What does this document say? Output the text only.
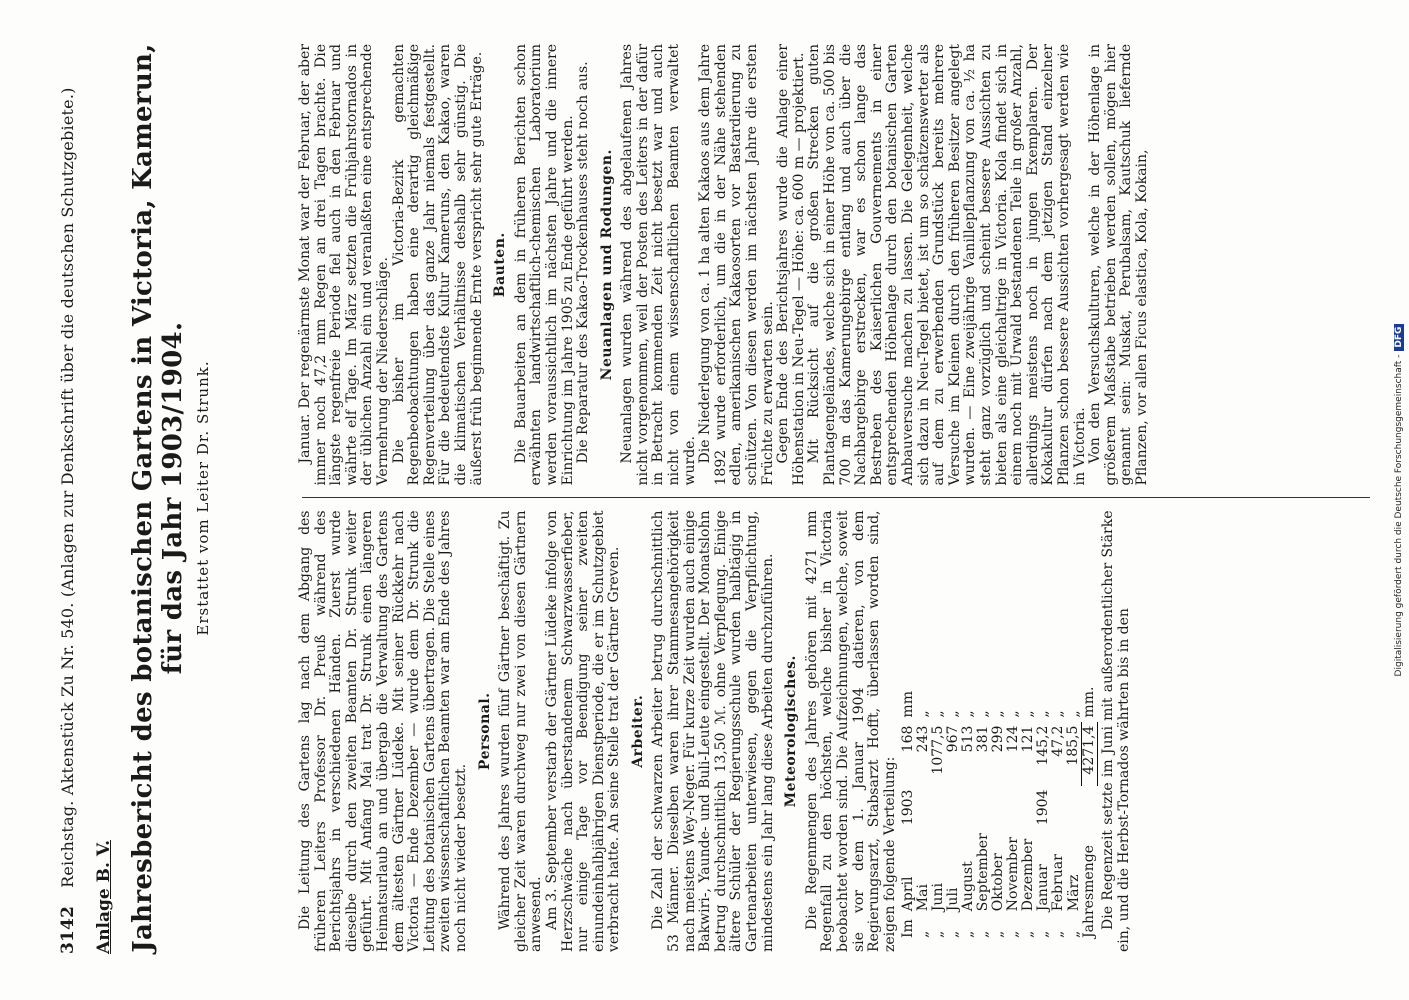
3142
Reichstag. Aktenstück Zu Nr. 540. (Anlagen zur Denkschrift über die deutschen Schutzgebiete.)
Anlage B. V. Jahresbericht des botanischen Gartens in Victoria, Kamerun, für das Jahr 1903/1904. Erstattet vom Leiter Dr. Strunk.

Die Leitung des Gartens lag nach dem Abgang des früheren Leiters Professor Dr. Preuß während des Berichtsjahrs in verschiedenen Händen. Zuerst wurde dieselbe durch den zweiten Beamten Dr. Strunk weiter geführt. Mit Anfang Mai trat Dr. Strunk einen längeren Heimatsurlaub an und übergab die Verwaltung des Gartens dem ältesten Gärtner Lüdeke. Mit seiner Rückkehr nach Victoria — Ende Dezember — wurde dem Dr. Strunk die Leitung des botanischen Gartens übertragen. Die Stelle eines zweiten wissenschaftlichen Beamten war am Ende des Jahres noch nicht wieder besetzt.

Personal. Während des Jahres wurden fünf Gärtner beschäftigt. Zu gleicher Zeit waren durchweg nur zwei von diesen Gärtnern anwesend. Am 3. September verstarb der Gärtner Lüdeke infolge von Herzschwäche nach überstandenem Schwarzwasserfieber, nur einige Tage vor Beendigung seiner zweiten einundeinhalbjährigen Dienstperiode, die er im Schutzgebiet verbracht hatte. An seine Stelle trat der Gärtner Greven. Arbeiter. Die Zahl der schwarzen Arbeiter betrug durchschnittlich 53 Männer. Dieselben waren ihrer Stammesangehörigkeit nach meistens Wey-Neger. Für kurze Zeit wurden auch einige Bakwiri-, Yaunde- und Buli-Leute eingestellt. Der Monatslohn betrug durchschnittlich 13,50 ℳ. ohne Verpflegung. Einige ältere Schüler der Regierungsschule wurden halbtägig in Gartenarbeiten unterwiesen, gegen die Verpflichtung, mindestens ein Jahr lang diese Arbeiten durchzuführen. Meteorologisches. Die Regenmengen des Jahres gehören mit 4271 mm Regenfall zu den höchsten, welche bisher in Victoria beobachtet worden sind. Die Aufzeichnungen, welche, soweit sie vor dem 1. Januar 1904 datieren, von dem Regierungsarzt, Stabsarzt Hofft, überlassen worden sind, zeigen folgende Verteilung: Im	April	1903	168	mm
„	Mai		243	„
„	Juni		1077,5	„
„	Juli		967	„
„	August		513	„
„	September		381	„
„	Oktober		299	„
„	November		124	„
„	Dezember		121	„
„	Januar	1904	145,2	„
„	Februar		47,2	„
„	März		185,5	„
Jahresmenge			4271,4	mm. Die Regenzeit setzte im Juni mit außerordentlicher Stärke ein, und die Herbst-Tornados währten bis in den

Januar. Der regenärmste Monat war der Februar, der aber immer noch 47,2 mm Regen an drei Tagen brachte. Die längste regenfreie Periode fiel auch in den Februar und währte elf Tage. Im März setzten die Frühjahrstornados in der üblichen Anzahl ein und veranlaßten eine entsprechende Vermehrung der Niederschläge. Die bisher im Victoria-Bezirk gemachten Regenbeobachtungen haben eine derartig gleichmäßige Regenverteilung über das ganze Jahr niemals festgestellt. Für die bedeutendste Kultur Kameruns, den Kakao, waren die klimatischen Verhältnisse deshalb sehr günstig. Die äußerst früh beginnende Ernte verspricht sehr gute Erträge. Bauten. Die Bauarbeiten an dem in früheren Berichten schon erwähnten landwirtschaftlich-chemischen Laboratorium werden voraussichtlich im nächsten Jahre und die innere Einrichtung im Jahre 1905 zu Ende geführt werden. Die Reparatur des Kakao-Trockenhauses steht noch aus. Neuanlagen und Rodungen. Neuanlagen wurden während des abgelaufenen Jahres nicht vorgenommen, weil der Posten des Leiters in der dafür in Betracht kommenden Zeit nicht besetzt war und auch nicht von einem wissenschaftlichen Beamten verwaltet wurde. Die Niederlegung von ca. 1 ha alten Kakaos aus dem Jahre 1892 wurde erforderlich, um die in der Nähe stehenden edlen, amerikanischen Kakaosorten vor Bastardierung zu schützen. Von diesen werden im nächsten Jahre die ersten Früchte zu erwarten sein. Gegen Ende des Berichtsjahres wurde die Anlage einer Höhenstation in Neu-Tegel — Höhe: ca. 600 m — projektiert. Mit Rücksicht auf die großen Strecken guten Plantagengeländes, welche sich in einer Höhe von ca. 500 bis 700 m das Kamerungebirge entlang und auch über die Nachbargebirge erstrecken, war es schon lange das Bestreben des Kaiserlichen Gouvernements in einer entsprechenden Höhenlage durch den botanischen Garten Anbauversuche machen zu lassen. Die Gelegenheit, welche sich dazu in Neu-Tegel bietet, ist um so schätzenswerter als auf dem zu erwerbenden Grundstück bereits mehrere Versuche im Kleinen durch den früheren Besitzer angelegt wurden. — Eine zweijährige Vanillepflanzung von ca. ½ ha steht ganz vorzüglich und scheint bessere Aussichten zu bieten als eine gleichaltrige in Victoria. Kola findet sich in einem noch mit Urwald bestandenen Teile in großer Anzahl, allerdings meistens noch in jungen Exemplaren. Der Kokakultur dürfen nach dem jetzigen Stand einzelner Pflanzen schon bessere Aussichten vorhergesagt werden wie in Victoria. Von den Versuchskulturen, welche in der Höhenlage in größerem Maßstabe betrieben werden sollen, mögen hier genannt sein: Muskat, Perubalsam, Kautschuk liefernde Pflanzen, vor allen Ficus elastica, Kola, Kokain,

Digitalisierung gefördert durch die Deutsche Forschungsgemeinschaft -DFG
